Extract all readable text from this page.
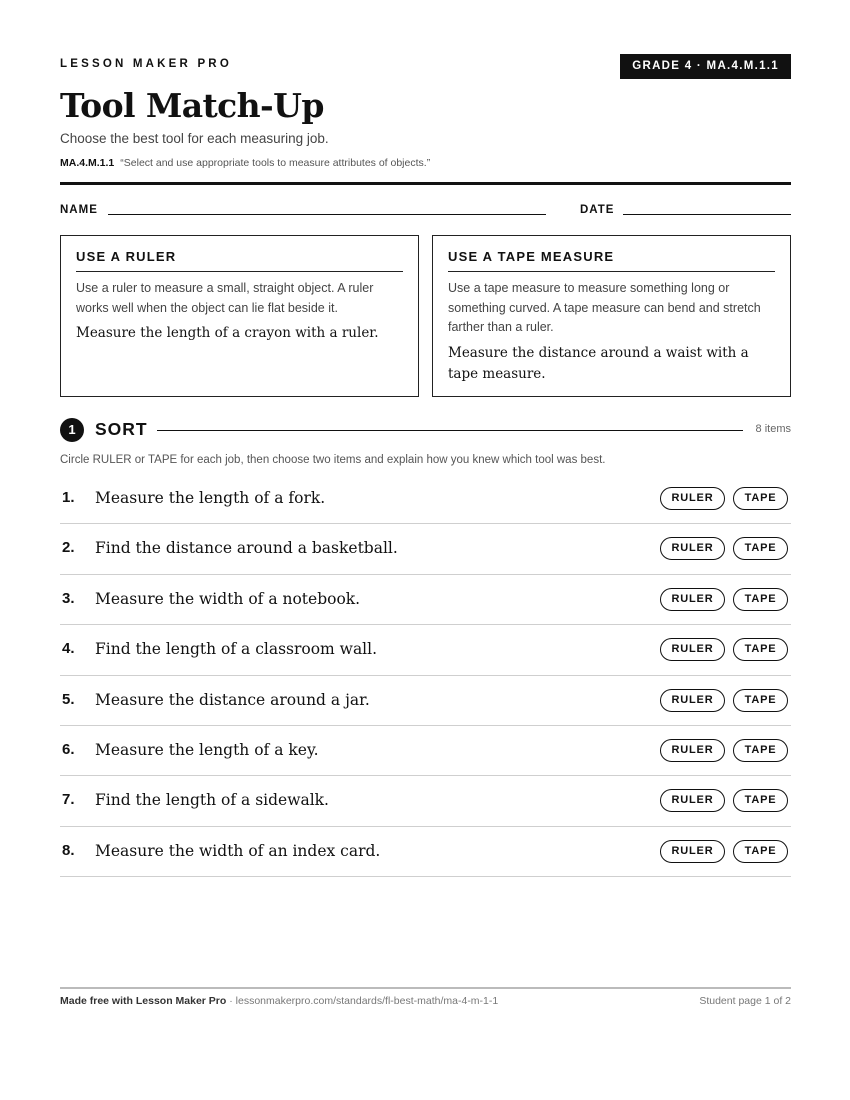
LESSON MAKER PRO	GRADE 4 · MA.4.M.1.1
Tool Match-Up
Choose the best tool for each measuring job.
MA.4.M.1.1 “Select and use appropriate tools to measure attributes of objects.”
NAME	DATE
USE A RULER
Use a ruler to measure a small, straight object. A ruler works well when the object can lie flat beside it.
Measure the length of a crayon with a ruler.
USE A TAPE MEASURE
Use a tape measure to measure something long or something curved. A tape measure can bend and stretch farther than a ruler.
Measure the distance around a waist with a tape measure.
1	SORT	8 items
Circle RULER or TAPE for each job, then choose two items and explain how you knew which tool was best.
1. Measure the length of a fork.	RULER	TAPE
2. Find the distance around a basketball.	RULER	TAPE
3. Measure the width of a notebook.	RULER	TAPE
4. Find the length of a classroom wall.	RULER	TAPE
5. Measure the distance around a jar.	RULER	TAPE
6. Measure the length of a key.	RULER	TAPE
7. Find the length of a sidewalk.	RULER	TAPE
8. Measure the width of an index card.	RULER	TAPE
Made free with Lesson Maker Pro · lessonmakerpro.com/standards/fl-best-math/ma-4-m-1-1	Student page 1 of 2
